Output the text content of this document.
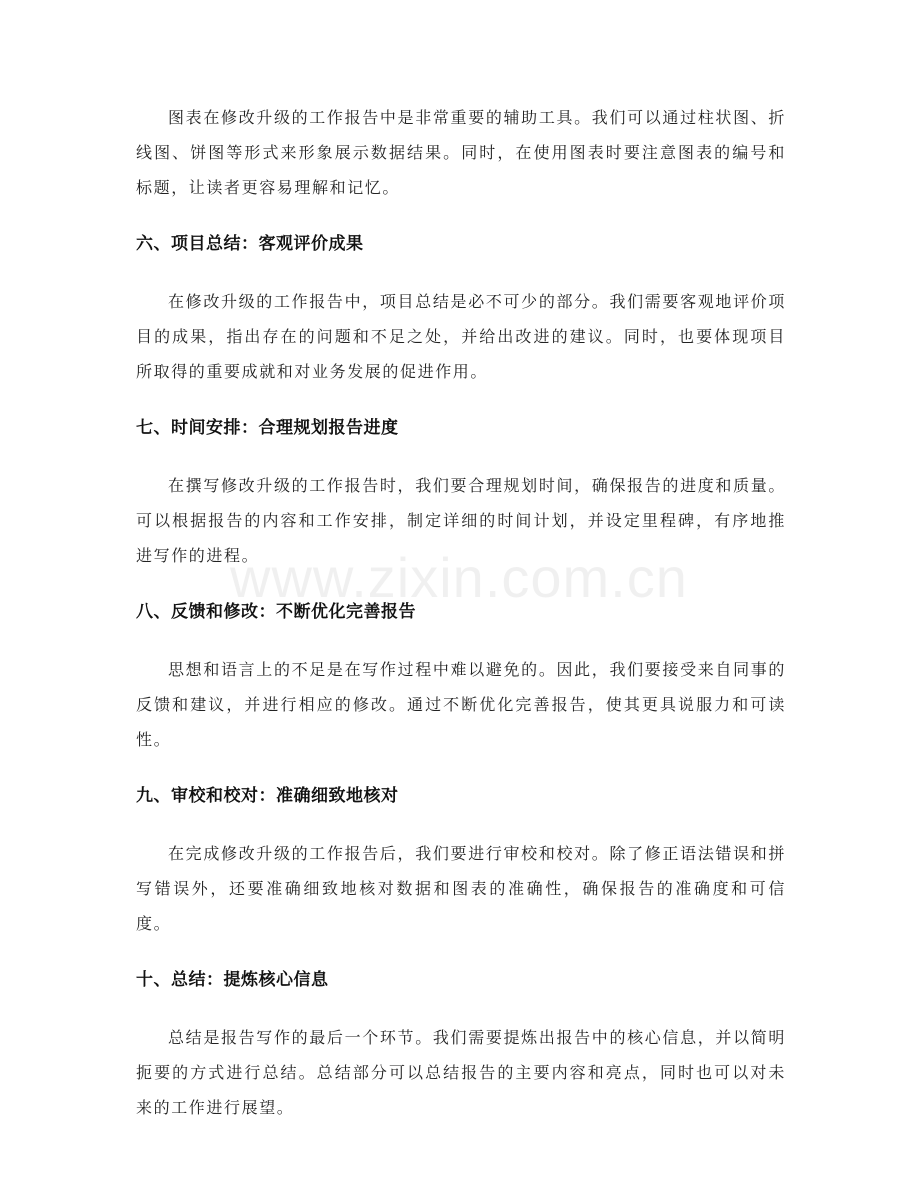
图表在修改升级的工作报告中是非常重要的辅助工具。我们可以通过柱状图、折线图、饼图等形式来形象展示数据结果。同时，在使用图表时要注意图表的编号和标题，让读者更容易理解和记忆。

六、项目总结：客观评价成果

在修改升级的工作报告中，项目总结是必不可少的部分。我们需要客观地评价项目的成果，指出存在的问题和不足之处，并给出改进的建议。同时，也要体现项目所取得的重要成就和对业务发展的促进作用。

七、时间安排：合理规划报告进度

在撰写修改升级的工作报告时，我们要合理规划时间，确保报告的进度和质量。可以根据报告的内容和工作安排，制定详细的时间计划，并设定里程碑，有序地推进写作的进程。

八、反馈和修改：不断优化完善报告

思想和语言上的不足是在写作过程中难以避免的。因此，我们要接受来自同事的反馈和建议，并进行相应的修改。通过不断优化完善报告，使其更具说服力和可读性。

九、审校和校对：准确细致地核对

在完成修改升级的工作报告后，我们要进行审校和校对。除了修正语法错误和拼写错误外，还要准确细致地核对数据和图表的准确性，确保报告的准确度和可信度。

十、总结：提炼核心信息

总结是报告写作的最后一个环节。我们需要提炼出报告中的核心信息，并以简明扼要的方式进行总结。总结部分可以总结报告的主要内容和亮点，同时也可以对未来的工作进行展望。

www.zixin.com.cn
